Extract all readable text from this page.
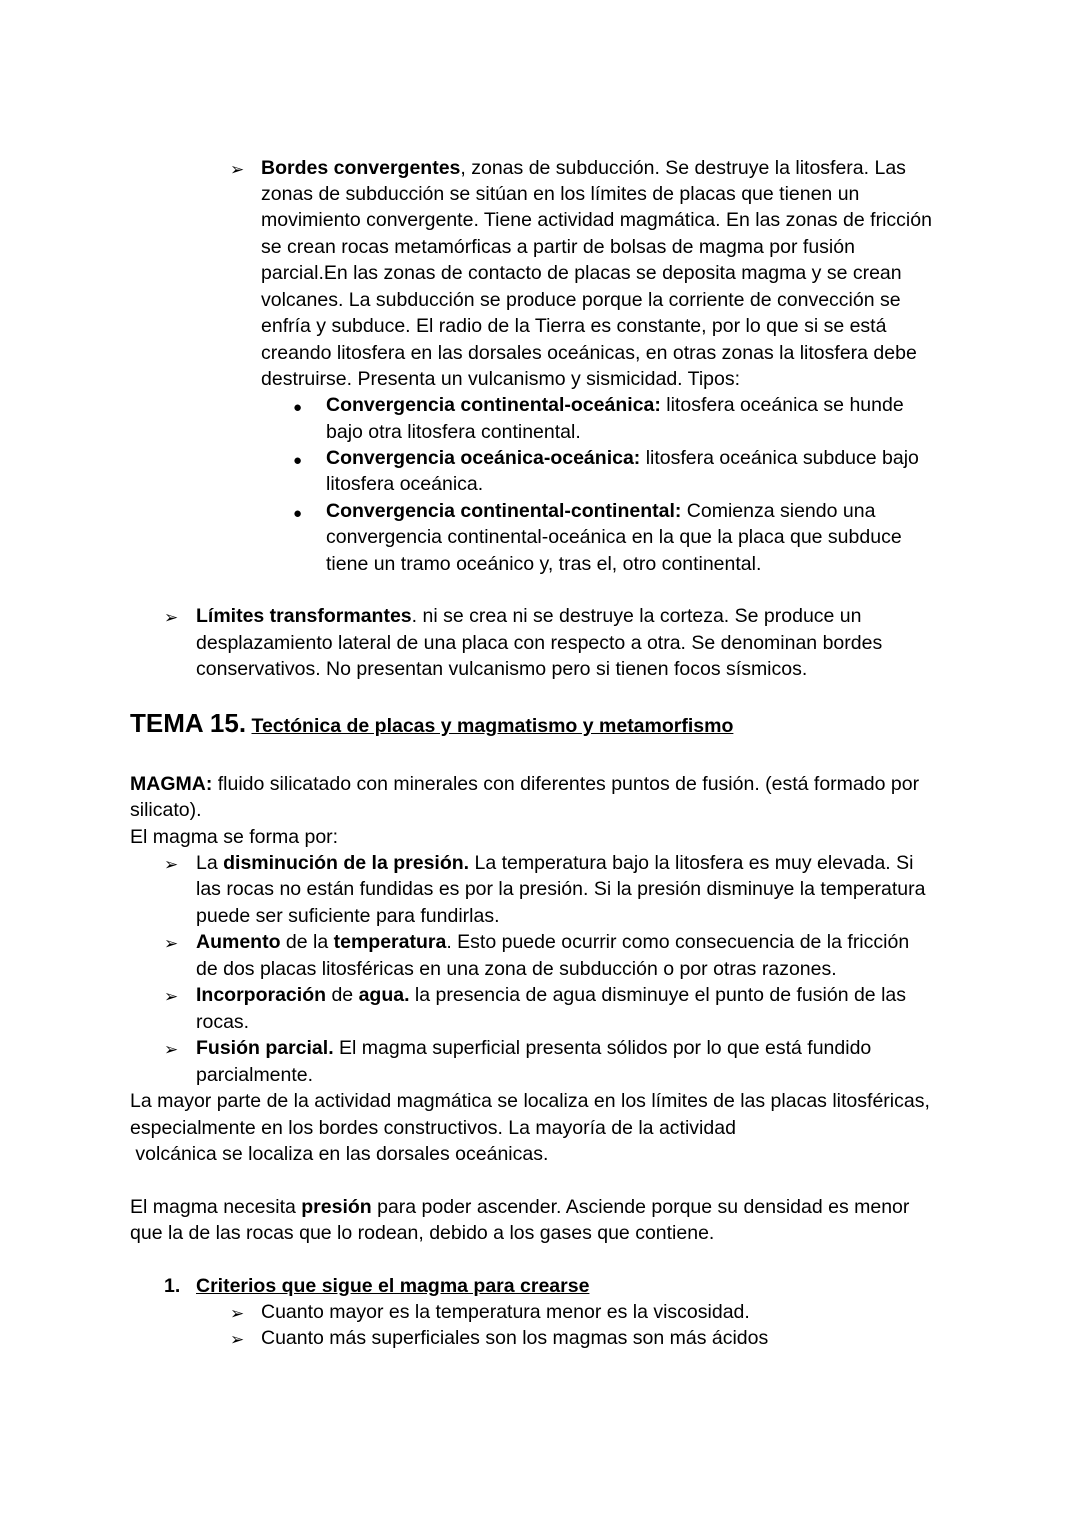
➢ Bordes convergentes, zonas de subducción. Se destruye la litosfera. Las
zonas de subducción se sitúan en los límites de placas que tienen un
movimiento convergente. Tiene actividad magmática. En las zonas de fricción
se crean rocas metamórficas a partir de bolsas de magma por fusión
parcial.En las zonas de contacto de placas se deposita magma y se crean
volcanes. La subducción se produce porque la corriente de convección se
enfría y subduce. El radio de la Tierra es constante, por lo que si se está
creando litosfera en las dorsales oceánicas, en otras zonas la litosfera debe
destruirse. Presenta un vulcanismo y sismicidad. Tipos:
● Convergencia continental-oceánica: litosfera oceánica se hunde
bajo otra litosfera continental.
● Convergencia oceánica-oceánica: litosfera oceánica subduce bajo
litosfera oceánica.
● Convergencia continental-continental: Comienza siendo una
convergencia continental-oceánica en la que la placa que subduce
tiene un tramo oceánico y, tras el, otro continental.
➢ Límites transformantes. ni se crea ni se destruye la corteza. Se produce un
desplazamiento lateral de una placa con respecto a otra. Se denominan bordes
conservativos. No presentan vulcanismo pero si tienen focos sísmicos.
TEMA 15. Tectónica de placas y magmatismo y metamorfismo
MAGMA: fluido silicatado con minerales con diferentes puntos de fusión. (está formado por
silicato).
El magma se forma por:
➢ La disminución de la presión. La temperatura bajo la litosfera es muy elevada. Si
las rocas no están fundidas es por la presión. Si la presión disminuye la temperatura
puede ser suficiente para fundirlas.
➢ Aumento de la temperatura. Esto puede ocurrir como consecuencia de la fricción
de dos placas litosféricas en una zona de subducción o por otras razones.
➢ Incorporación de agua. la presencia de agua disminuye el punto de fusión de las
rocas.
➢ Fusión parcial. El magma superficial presenta sólidos por lo que está fundido
parcialmente.
La mayor parte de la actividad magmática se localiza en los límites de las placas litosféricas,
especialmente en los bordes constructivos. La mayoría de la actividad
volcánica se localiza en las dorsales oceánicas.
El magma necesita presión para poder ascender. Asciende porque su densidad es menor
que la de las rocas que lo rodean, debido a los gases que contiene.
1. Criterios que sigue el magma para crearse
➢ Cuanto mayor es la temperatura menor es la viscosidad.
➢ Cuanto más superficiales son los magmas son más ácidos
